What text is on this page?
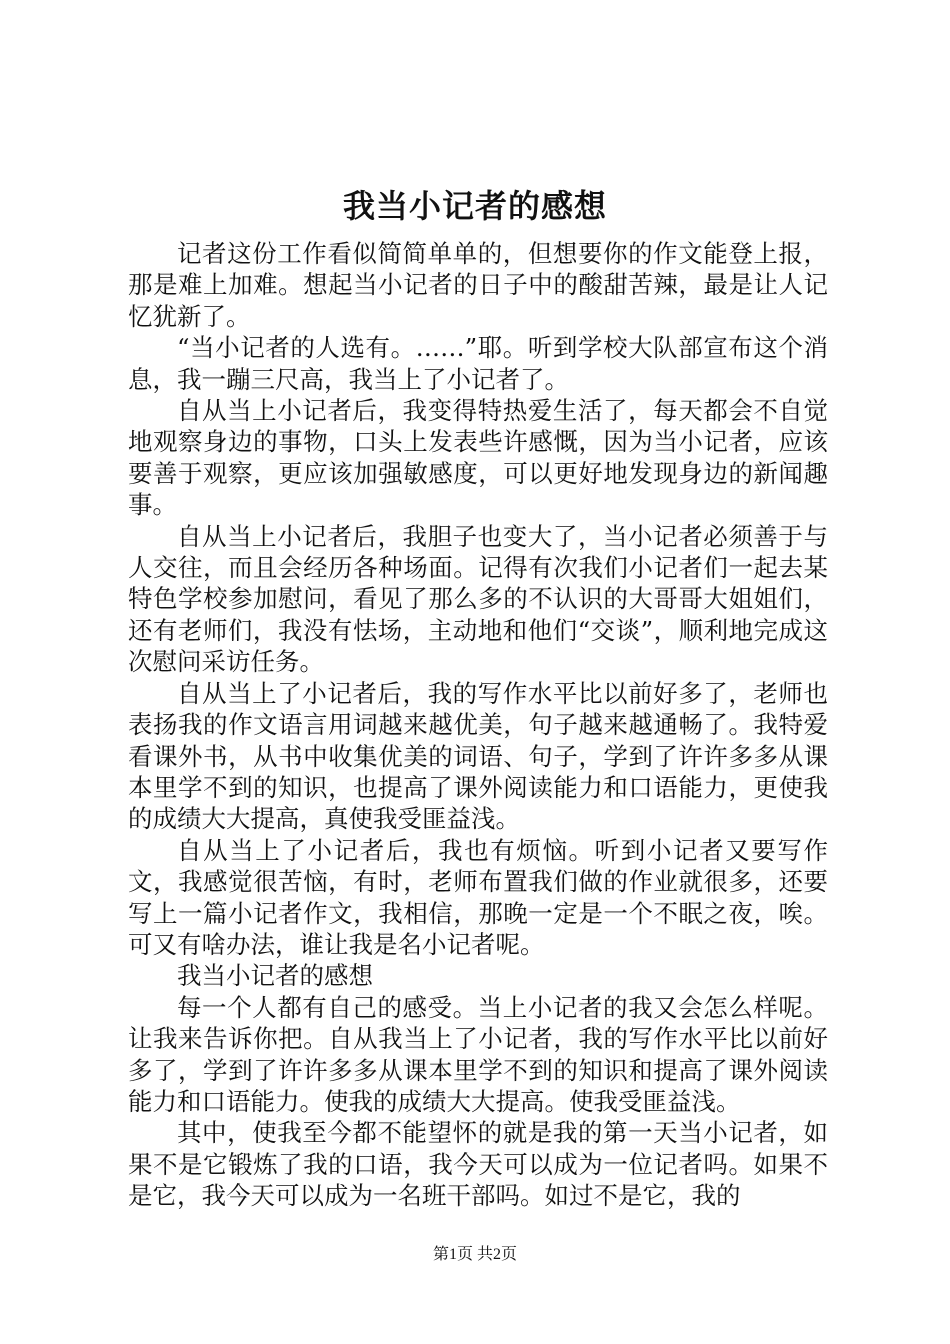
我当小记者的感想

记者这份工作看似简简单单的，但想要你的作文能登上报，那是难上加难。想起当小记者的日子中的酸甜苦辣，最是让人记忆犹新了。

“当小记者的人选有。……”耶。听到学校大队部宣布这个消息，我一蹦三尺高，我当上了小记者了。

自从当上小记者后，我变得特热爱生活了，每天都会不自觉地观察身边的事物，口头上发表些许感慨，因为当小记者，应该要善于观察，更应该加强敏感度，可以更好地发现身边的新闻趣事。

自从当上小记者后，我胆子也变大了，当小记者必须善于与人交往，而且会经历各种场面。记得有次我们小记者们一起去某特色学校参加慰问，看见了那么多的不认识的大哥哥大姐姐们，还有老师们，我没有怯场，主动地和他们“交谈”，顺利地完成这次慰问采访任务。

自从当上了小记者后，我的写作水平比以前好多了，老师也表扬我的作文语言用词越来越优美，句子越来越通畅了。我特爱看课外书，从书中收集优美的词语、句子，学到了许许多多从课本里学不到的知识，也提高了课外阅读能力和口语能力，更使我的成绩大大提高，真使我受匪益浅。

自从当上了小记者后，我也有烦恼。听到小记者又要写作文，我感觉很苦恼，有时，老师布置我们做的作业就很多，还要写上一篇小记者作文，我相信，那晚一定是一个不眠之夜，唉。可又有啥办法，谁让我是名小记者呢。

我当小记者的感想

每一个人都有自己的感受。当上小记者的我又会怎么样呢。让我来告诉你把。自从我当上了小记者，我的写作水平比以前好多了，学到了许许多多从课本里学不到的知识和提高了课外阅读能力和口语能力。使我的成绩大大提高。使我受匪益浅。

其中，使我至今都不能望怀的就是我的第一天当小记者，如果不是它锻炼了我的口语，我今天可以成为一位记者吗。如果不是它，我今天可以成为一名班干部吗。如过不是它，我的

第1页 共2页
